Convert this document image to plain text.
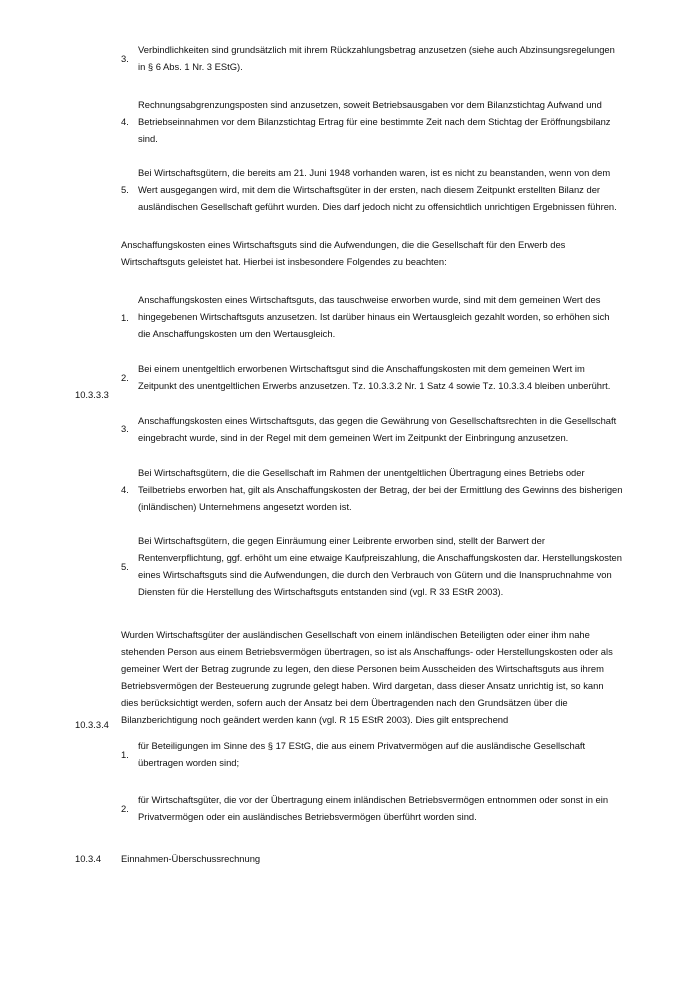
3.
Verbindlichkeiten sind grundsätzlich mit ihrem Rückzahlungsbetrag anzusetzen (siehe auch Abzinsungsregelungen in § 6 Abs. 1 Nr. 3 EStG).
4.
Rechnungsabgrenzungsposten sind anzusetzen, soweit Betriebsausgaben vor dem Bilanzstichtag Aufwand und Betriebseinnahmen vor dem Bilanzstichtag Ertrag für eine bestimmte Zeit nach dem Stichtag der Eröffnungsbilanz sind.
5.
Bei Wirtschaftsgütern, die bereits am 21. Juni 1948 vorhanden waren, ist es nicht zu beanstanden, wenn von dem Wert ausgegangen wird, mit dem die Wirtschaftsgüter in der ersten, nach diesem Zeitpunkt erstellten Bilanz der ausländischen Gesellschaft geführt wurden. Dies darf jedoch nicht zu offensichtlich unrichtigen Ergebnissen führen.
10.3.3.3
Anschaffungskosten eines Wirtschaftsguts sind die Aufwendungen, die die Gesellschaft für den Erwerb des Wirtschaftsguts geleistet hat. Hierbei ist insbesondere Folgendes zu beachten:
1.
Anschaffungskosten eines Wirtschaftsguts, das tauschweise erworben wurde, sind mit dem gemeinen Wert des hingegebenen Wirtschaftsguts anzusetzen. Ist darüber hinaus ein Wertausgleich gezahlt worden, so erhöhen sich die Anschaffungskosten um den Wertausgleich.
2.
Bei einem unentgeltlich erworbenen Wirtschaftsgut sind die Anschaffungskosten mit dem gemeinen Wert im Zeitpunkt des unentgeltlichen Erwerbs anzusetzen. Tz. 10.3.3.2 Nr. 1 Satz 4 sowie Tz. 10.3.3.4 bleiben unberührt.
3.
Anschaffungskosten eines Wirtschaftsguts, das gegen die Gewährung von Gesellschaftsrechten in die Gesellschaft eingebracht wurde, sind in der Regel mit dem gemeinen Wert im Zeitpunkt der Einbringung anzusetzen.
4.
Bei Wirtschaftsgütern, die die Gesellschaft im Rahmen der unentgeltlichen Übertragung eines Betriebs oder Teilbetriebs erworben hat, gilt als Anschaffungskosten der Betrag, der bei der Ermittlung des Gewinns des bisherigen (inländischen) Unternehmens angesetzt worden ist.
5.
Bei Wirtschaftsgütern, die gegen Einräumung einer Leibrente erworben sind, stellt der Barwert der Rentenverpflichtung, ggf. erhöht um eine etwaige Kaufpreiszahlung, die Anschaffungskosten dar. Herstellungskosten eines Wirtschaftsguts sind die Aufwendungen, die durch den Verbrauch von Gütern und die Inanspruchnahme von Diensten für die Herstellung des Wirtschaftsguts entstanden sind (vgl. R 33 EStR 2003).
10.3.3.4
Wurden Wirtschaftsgüter der ausländischen Gesellschaft von einem inländischen Beteiligten oder einer ihm nahe stehenden Person aus einem Betriebsvermögen übertragen, so ist als Anschaffungs- oder Herstellungskosten oder als gemeiner Wert der Betrag zugrunde zu legen, den diese Personen beim Ausscheiden des Wirtschaftsguts aus ihrem Betriebsvermögen der Besteuerung zugrunde gelegt haben. Wird dargetan, dass dieser Ansatz unrichtig ist, so kann dies berücksichtigt werden, sofern auch der Ansatz bei dem Übertragenden nach den Grundsätzen über die Bilanzberichtigung noch geändert werden kann (vgl. R 15 EStR 2003). Dies gilt entsprechend
1.
für Beteiligungen im Sinne des § 17 EStG, die aus einem Privatvermögen auf die ausländische Gesellschaft übertragen worden sind;
2.
für Wirtschaftsgüter, die vor der Übertragung einem inländischen Betriebsvermögen entnommen oder sonst in ein Privatvermögen oder ein ausländisches Betriebsvermögen überführt worden sind.
10.3.4 Einnahmen-Überschussrechnung
